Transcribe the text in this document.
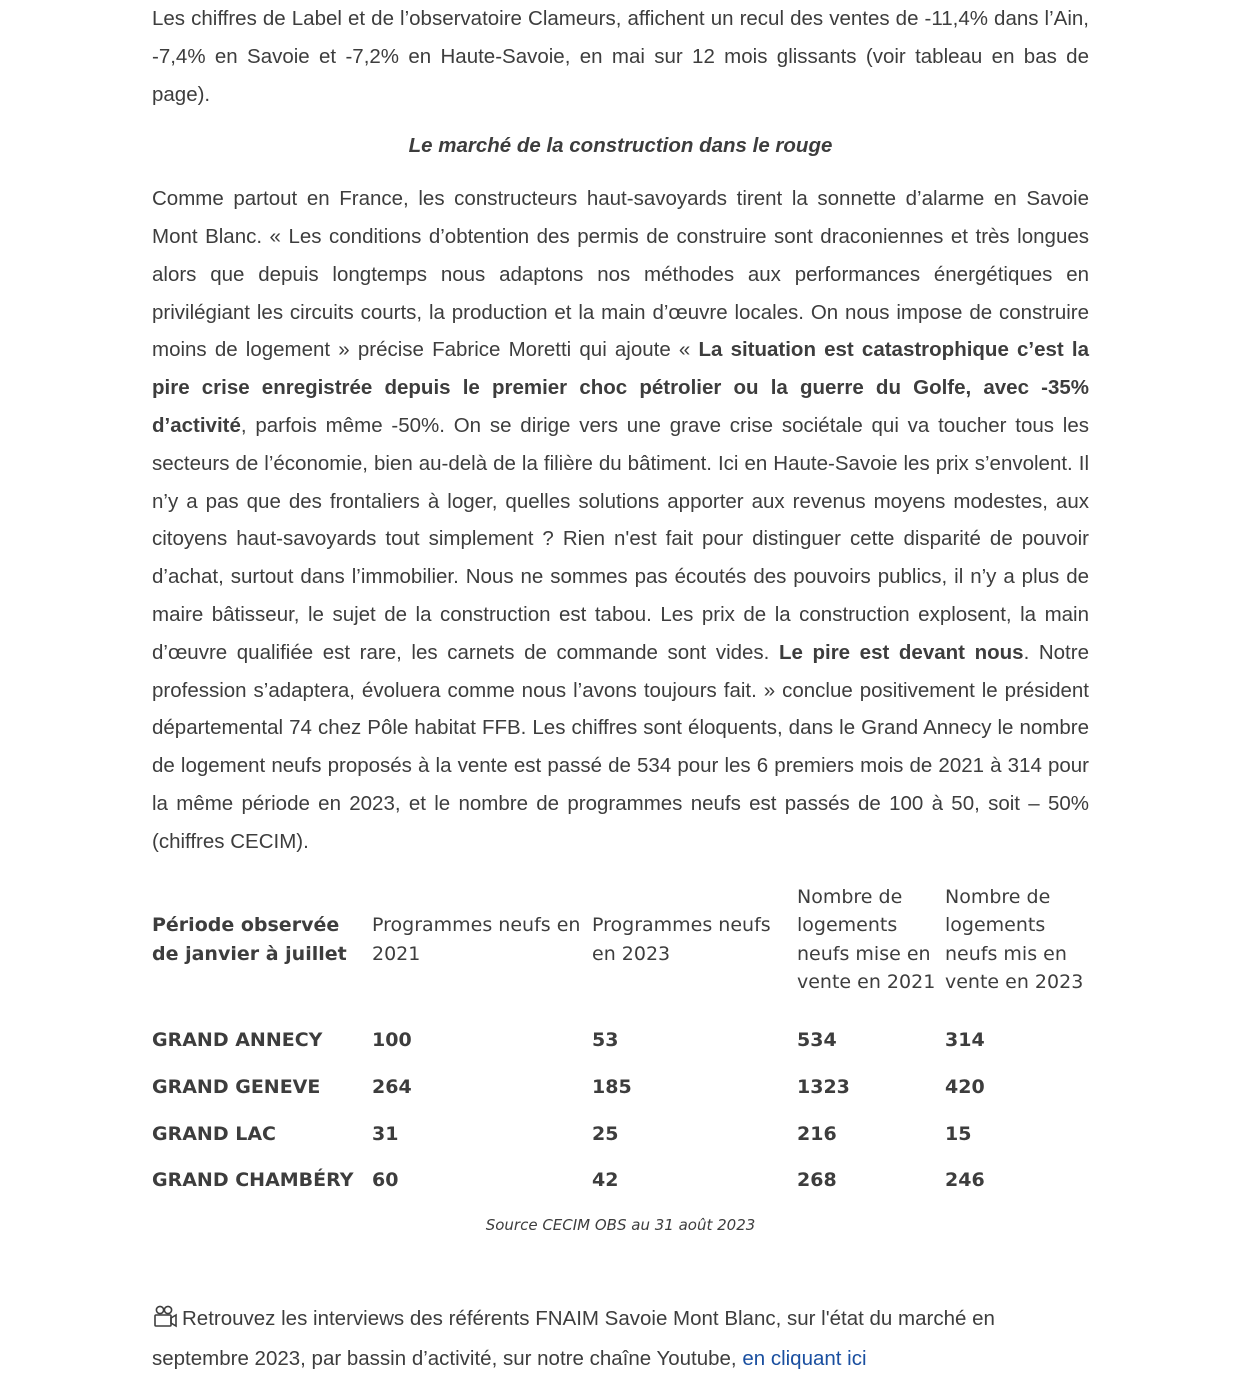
Les chiffres de Label et de l’observatoire Clameurs, affichent un recul des ventes de -11,4% dans l’Ain, -7,4% en Savoie et -7,2% en Haute-Savoie, en mai sur 12 mois glissants (voir tableau en bas de page).

Le marché de la construction dans le rouge

Comme partout en France, les constructeurs haut-savoyards tirent la sonnette d’alarme en Savoie Mont Blanc. « Les conditions d’obtention des permis de construire sont draconiennes et très longues alors que depuis longtemps nous adaptons nos méthodes aux performances énergétiques en privilégiant les circuits courts, la production et la main d’œuvre locales. On nous impose de construire moins de logement » précise Fabrice Moretti qui ajoute « La situation est catastrophique c’est la pire crise enregistrée depuis le premier choc pétrolier ou la guerre du Golfe, avec -35% d’activité, parfois même -50%. On se dirige vers une grave crise sociétale qui va toucher tous les secteurs de l’économie, bien au-delà de la filière du bâtiment. Ici en Haute-Savoie les prix s’envolent. Il n’y a pas que des frontaliers à loger, quelles solutions apporter aux revenus moyens modestes, aux citoyens haut-savoyards tout simplement ? Rien n'est fait pour distinguer cette disparité de pouvoir d’achat, surtout dans l’immobilier. Nous ne sommes pas écoutés des pouvoirs publics, il n’y a plus de maire bâtisseur, le sujet de la construction est tabou. Les prix de la construction explosent, la main d’œuvre qualifiée est rare, les carnets de commande sont vides. Le pire est devant nous. Notre profession s’adaptera, évoluera comme nous l’avons toujours fait. » conclue positivement le président départemental 74 chez Pôle habitat FFB. Les chiffres sont éloquents, dans le Grand Annecy le nombre de logement neufs proposés à la vente est passé de 534 pour les 6 premiers mois de 2021 à 314 pour la même période en 2023, et le nombre de programmes neufs est passés de 100 à 50, soit – 50% (chiffres CECIM).

Période observée de janvier à juillet	Programmes neufs en 2021	Programmes neufs en 2023	Nombre de logements neufs mise en vente en 2021	Nombre de logements neufs mis en vente en 2023
GRAND ANNECY	100	53	534	314
GRAND GENEVE	264	185	1323	420
GRAND LAC	31	25	216	15
GRAND CHAMBÉRY	60	42	268	246
Source CECIM OBS au 31 août 2023
Retrouvez les interviews des référents FNAIM Savoie Mont Blanc, sur l'état du marché en septembre 2023, par bassin d’activité, sur notre chaîne Youtube, en cliquant ici
